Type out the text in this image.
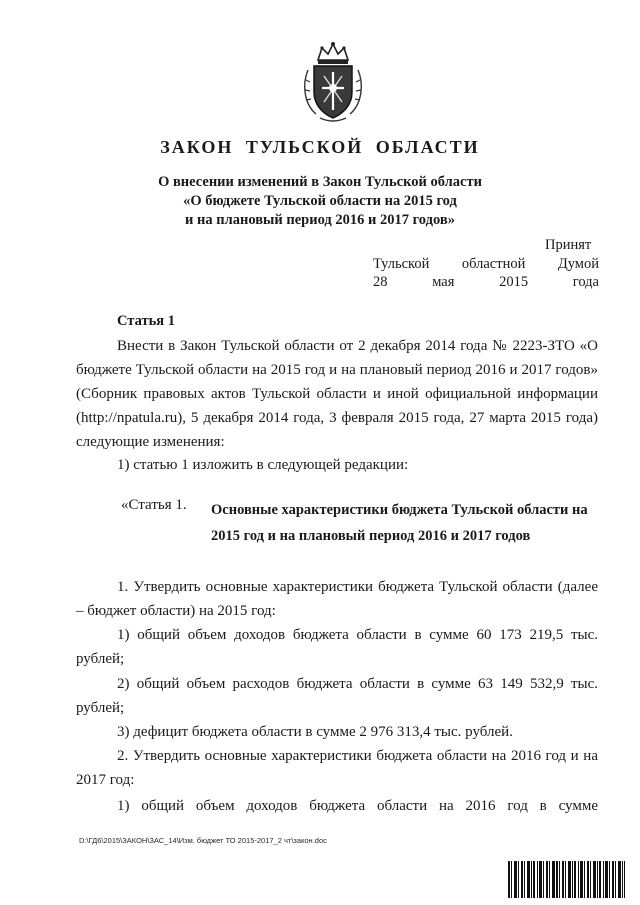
ЗАКОН ТУЛЬСКОЙ ОБЛАСТИ
О внесении изменений в Закон Тульской области
«О бюджете Тульской области на 2015 год
и на плановый период 2016 и 2017 годов»
Принят
Тульской областной Думой
28	мая	2015	года
Статья 1
Внести в Закон Тульской области от 2 декабря 2014 года № 2223-ЗТО «О бюджете Тульской области на 2015 год и на плановый период 2016 и 2017 годов» (Сборник правовых актов Тульской области и иной официальной информации (http://npatula.ru), 5 декабря 2014 года, 3 февраля 2015 года, 27 марта 2015 года) следующие изменения:
1) статью 1 изложить в следующей редакции:
«Статья 1. Основные характеристики бюджета Тульской области на 2015 год и на плановый период 2016 и 2017 годов
1. Утвердить основные характеристики бюджета Тульской области (далее – бюджет области) на 2015 год:
1) общий объем доходов бюджета области в сумме 60 173 219,5 тыс. рублей;
2) общий объем расходов бюджета области в сумме 63 149 532,9 тыс. рублей;
3) дефицит бюджета области в сумме 2 976 313,4 тыс. рублей.
2. Утвердить основные характеристики бюджета области на 2016 год и на 2017 год:
1) общий объем доходов бюджета области на 2016 год в сумме
D:\ГД6\2015\ЗАКОН\ЗАС_14\Изм. бюджет ТО 2015-2017_2 чт\закон.doc
